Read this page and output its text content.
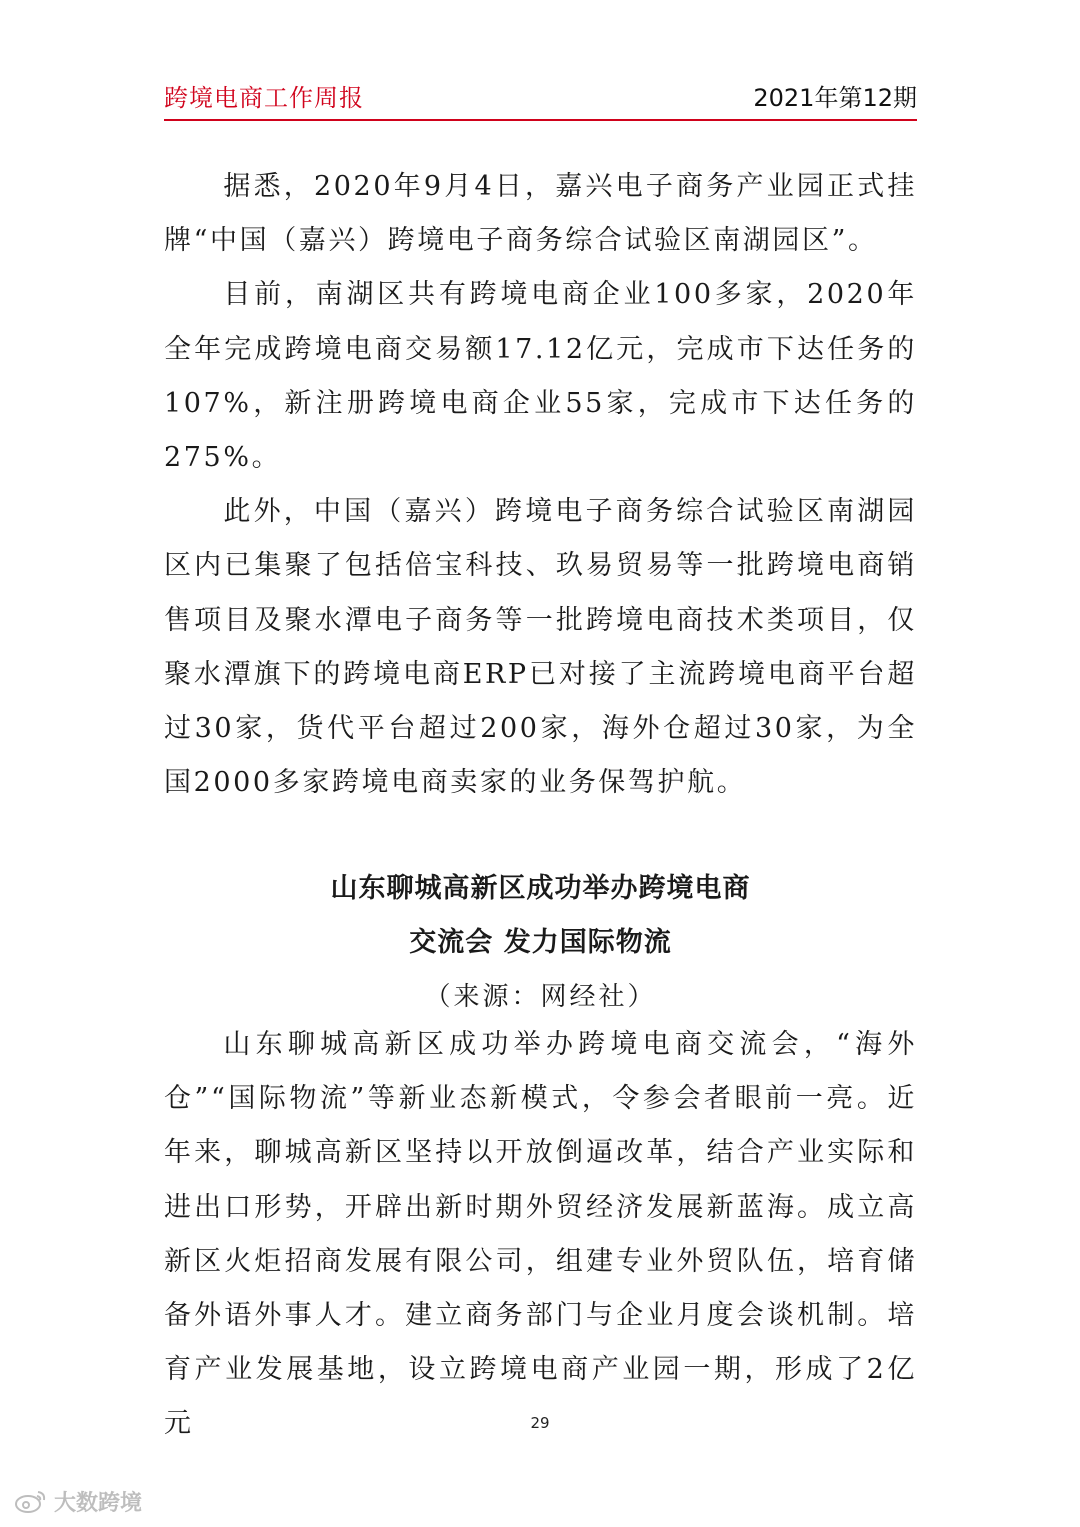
跨境电商工作周报	2021年第12期

据悉，2020年9月4日，嘉兴电子商务产业园正式挂牌“中国（嘉兴）跨境电子商务综合试验区南湖园区”。

目前，南湖区共有跨境电商企业100多家，2020年全年完成跨境电商交易额17.12亿元，完成市下达任务的107%，新注册跨境电商企业55家，完成市下达任务的275%。

此外，中国（嘉兴）跨境电子商务综合试验区南湖园区内已集聚了包括倍宝科技、玖易贸易等一批跨境电商销售项目及聚水潭电子商务等一批跨境电商技术类项目，仅聚水潭旗下的跨境电商ERP已对接了主流跨境电商平台超过30家，货代平台超过200家，海外仓超过30家，为全国2000多家跨境电商卖家的业务保驾护航。

山东聊城高新区成功举办跨境电商
交流会 发力国际物流
（来源：网经社）

山东聊城高新区成功举办跨境电商交流会，“海外仓”“国际物流”等新业态新模式，令参会者眼前一亮。近年来，聊城高新区坚持以开放倒逼改革，结合产业实际和进出口形势，开辟出新时期外贸经济发展新蓝海。成立高新区火炬招商发展有限公司，组建专业外贸队伍，培育储备外语外事人才。建立商务部门与企业月度会谈机制。培育产业发展基地，设立跨境电商产业园一期，形成了2亿元	29
大数跨境
